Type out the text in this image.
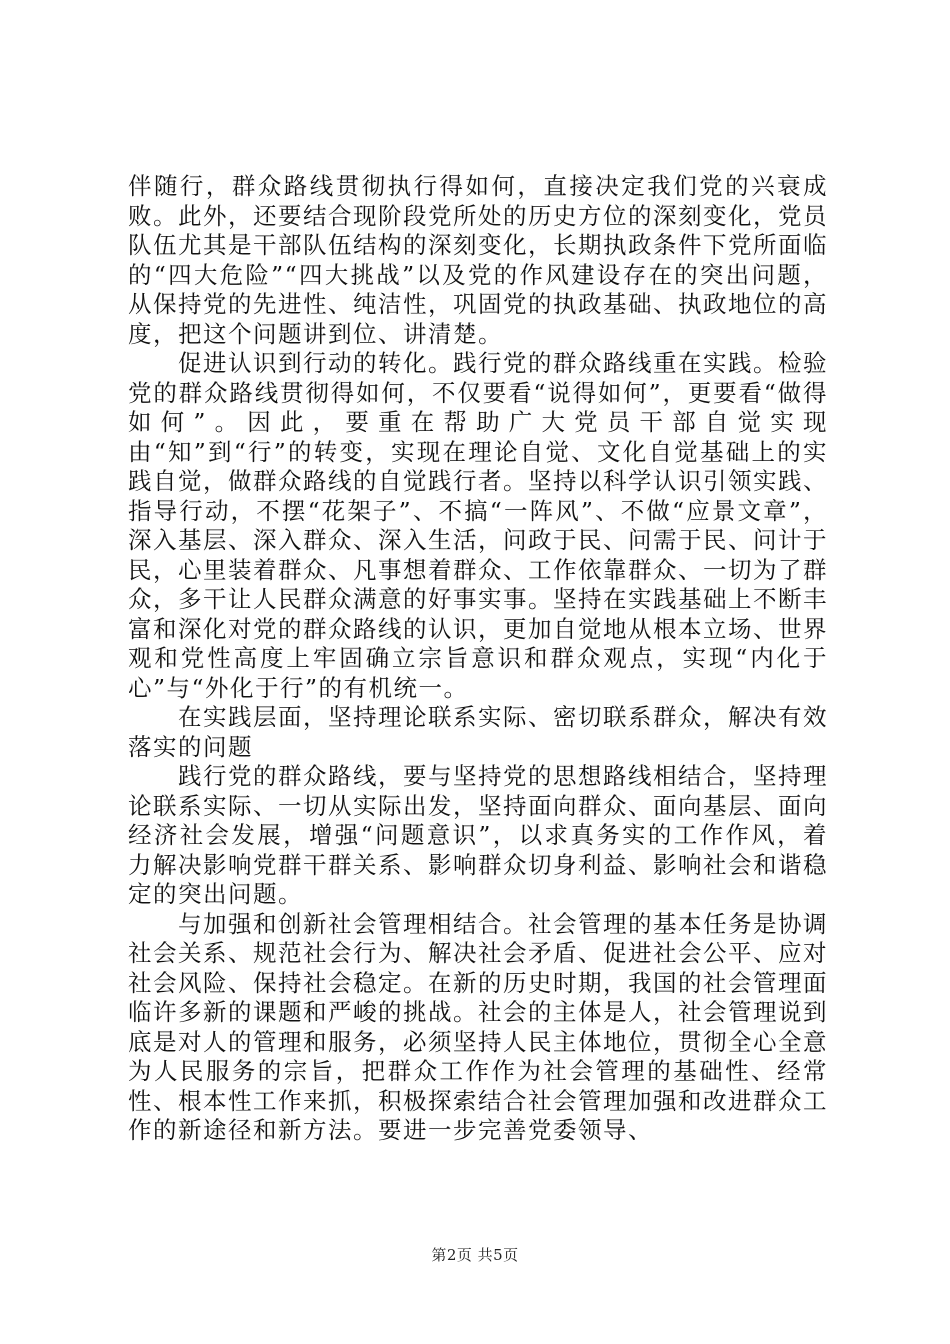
伴随行，群众路线贯彻执行得如何，直接决定我们党的兴衰成败。此外，还要结合现阶段党所处的历史方位的深刻变化，党员队伍尤其是干部队伍结构的深刻变化，长期执政条件下党所面临的“四大危险”“四大挑战”以及党的作风建设存在的突出问题，从保持党的先进性、纯洁性，巩固党的执政基础、执政地位的高度，把这个问题讲到位、讲清楚。

促进认识到行动的转化。践行党的群众路线重在实践。检验党的群众路线贯彻得如何，不仅要看“说得如何”，更要看“做得如何”。因此，要重在帮助广大党员干部自觉实现由“知”到“行”的转变，实现在理论自觉、文化自觉基础上的实践自觉，做群众路线的自觉践行者。坚持以科学认识引领实践、指导行动，不摆“花架子”、不搞“一阵风”、不做“应景文章”，深入基层、深入群众、深入生活，问政于民、问需于民、问计于民，心里装着群众、凡事想着群众、工作依靠群众、一切为了群众，多干让人民群众满意的好事实事。坚持在实践基础上不断丰富和深化对党的群众路线的认识，更加自觉地从根本立场、世界观和党性高度上牢固确立宗旨意识和群众观点，实现“内化于心”与“外化于行”的有机统一。

在实践层面，坚持理论联系实际、密切联系群众，解决有效落实的问题

践行党的群众路线，要与坚持党的思想路线相结合，坚持理论联系实际、一切从实际出发，坚持面向群众、面向基层、面向经济社会发展，增强“问题意识”，以求真务实的工作作风，着力解决影响党群干群关系、影响群众切身利益、影响社会和谐稳定的突出问题。

与加强和创新社会管理相结合。社会管理的基本任务是协调社会关系、规范社会行为、解决社会矛盾、促进社会公平、应对社会风险、保持社会稳定。在新的历史时期，我国的社会管理面临许多新的课题和严峻的挑战。社会的主体是人，社会管理说到底是对人的管理和服务，必须坚持人民主体地位，贯彻全心全意为人民服务的宗旨，把群众工作作为社会管理的基础性、经常性、根本性工作来抓，积极探索结合社会管理加强和改进群众工作的新途径和新方法。要进一步完善党委领导、

第2页 共5页
